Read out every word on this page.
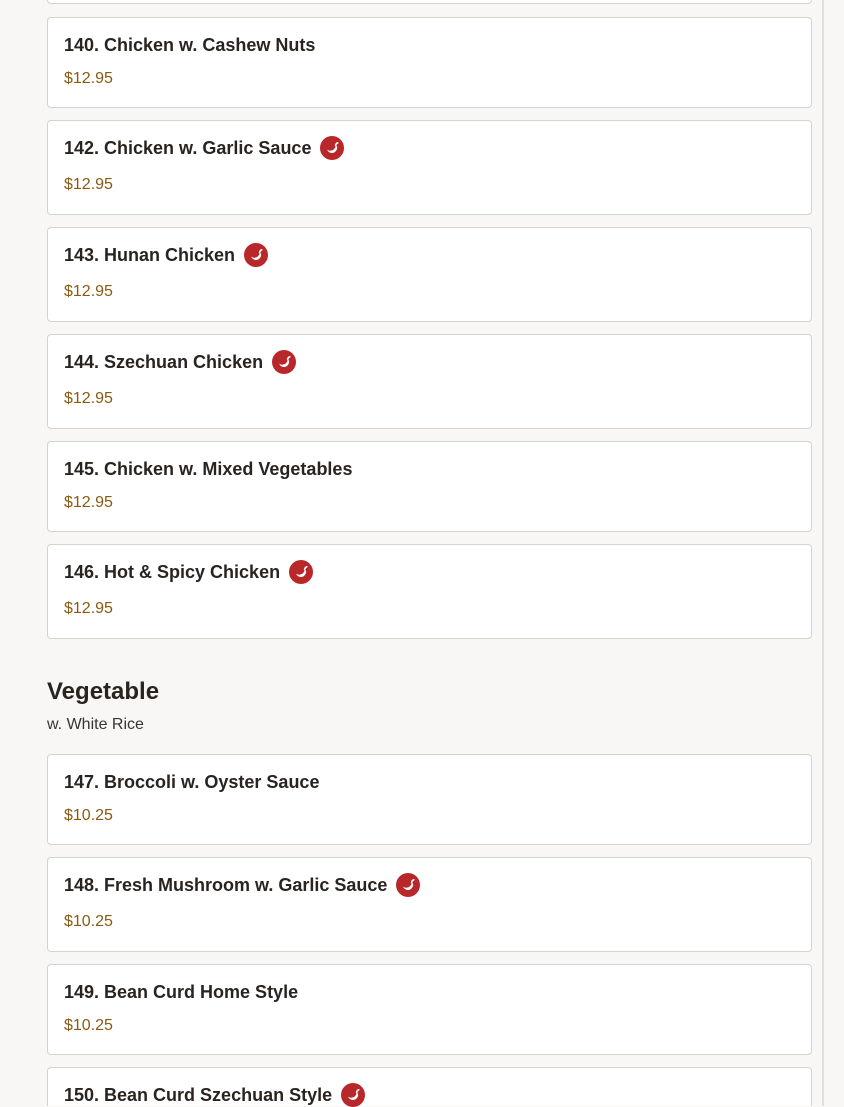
140. Chicken w. Cashew Nuts
$12.95
142. Chicken w. Garlic Sauce
$12.95
143. Hunan Chicken
$12.95
144. Szechuan Chicken
$12.95
145. Chicken w. Mixed Vegetables
$12.95
146. Hot & Spicy Chicken
$12.95
Vegetable
w. White Rice
147. Broccoli w. Oyster Sauce
$10.25
148. Fresh Mushroom w. Garlic Sauce
$10.25
149. Bean Curd Home Style
$10.25
150. Bean Curd Szechuan Style
